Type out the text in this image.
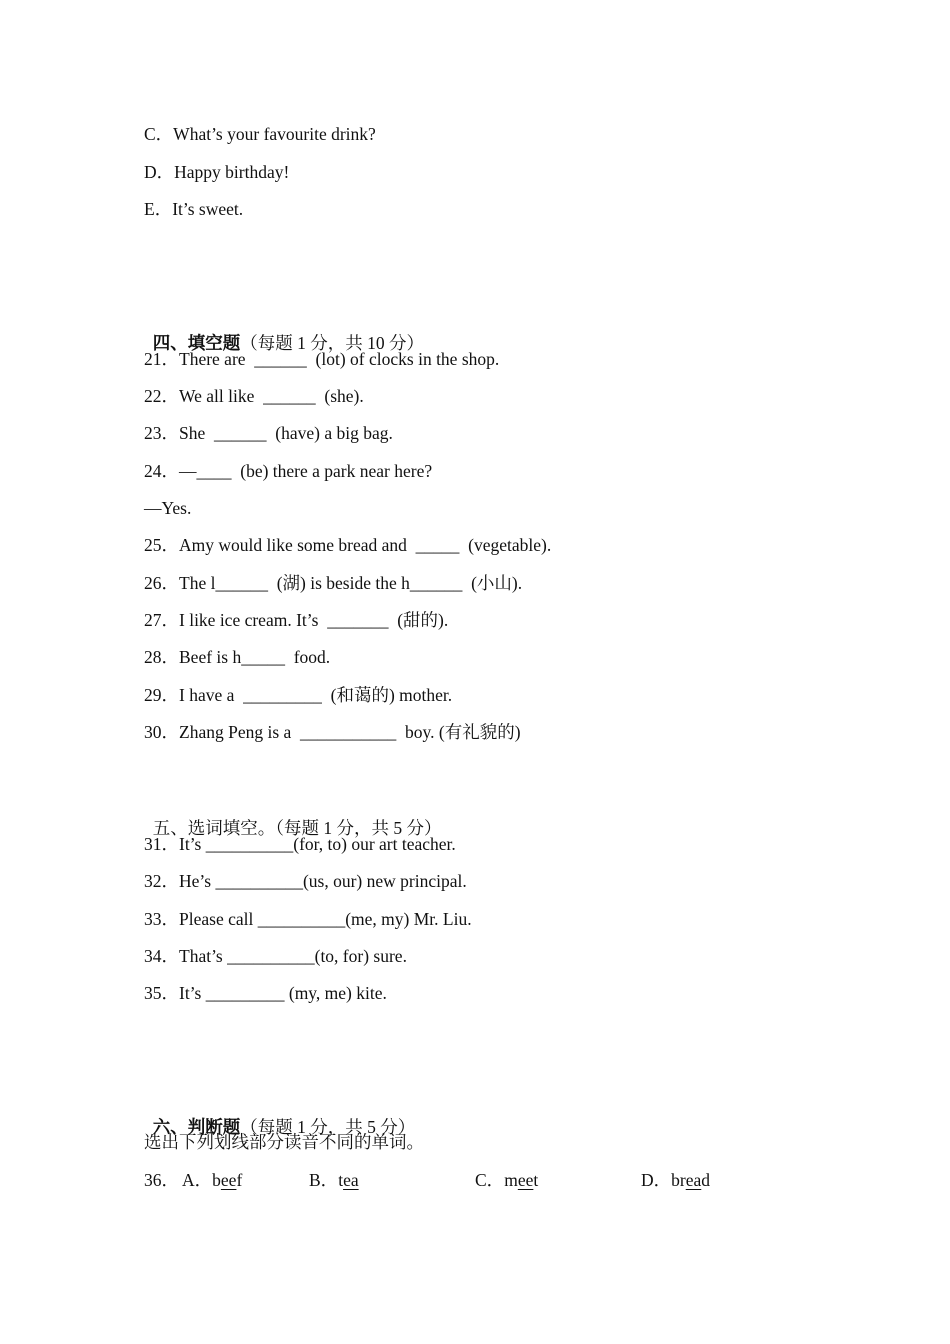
C．What’s your favourite drink?
D．Happy birthday!
E．It’s sweet.

四、填空题（每题 1 分，共 10 分）

21．There are  ______  (lot) of clocks in the shop.
22．We all like  ______  (she).
23．She  ______  (have) a big bag.
24．—____  (be) there a park near here?
—Yes.
25．Amy would like some bread and  _____  (vegetable).
26．The l______  (湖) is beside the h______  (小山).
27．I like ice cream. It’s  _______  (甜的).
28．Beef is h_____  food.
29．I have a  _________  (和蔼的) mother.
30．Zhang Peng is a  ___________  boy. (有礼貌的)

五、选词填空。（每题 1 分，共 5 分）

31．It’s __________(for, to) our art teacher.
32．He’s __________(us, our) new principal.
33．Please call __________(me, my) Mr. Liu.
34．That’s __________(to, for) sure.
35．It’s _________ (my, me) kite.

六、判断题（每题 1 分，共 5 分）

选出下列划线部分读音不同的单词。
36． A．beef	B．tea	C．meet	D．bread
